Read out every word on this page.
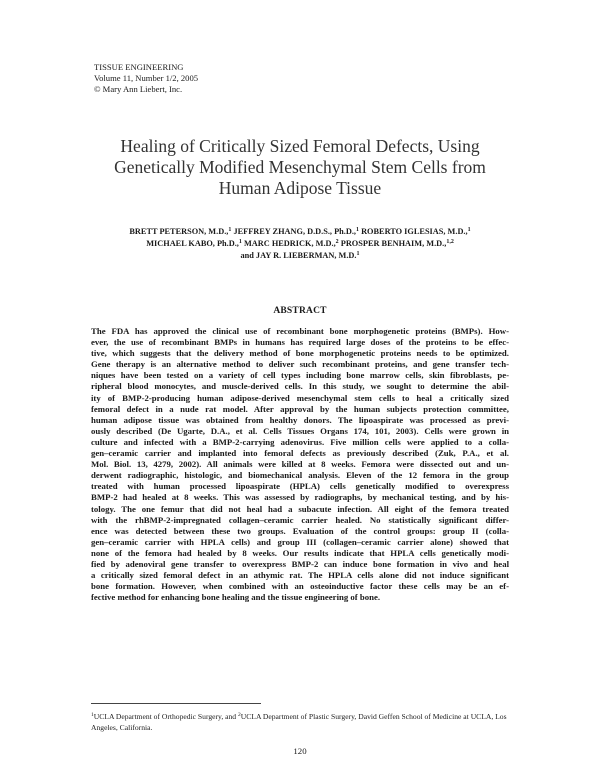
TISSUE ENGINEERING
Volume 11, Number 1/2, 2005
© Mary Ann Liebert, Inc.
Healing of Critically Sized Femoral Defects, Using
Genetically Modified Mesenchymal Stem Cells from
Human Adipose Tissue
BRETT PETERSON, M.D.,$^1$ JEFFREY ZHANG, D.D.S., Ph.D.,$^1$ ROBERTO IGLESIAS, M.D.,$^1$
MICHAEL KABO, Ph.D.,$^1$ MARC HEDRICK, M.D.,$^2$ PROSPER BENHAIM, M.D.,$^{1,2}$
and JAY R. LIEBERMAN, M.D.$^1$
ABSTRACT
The FDA has approved the clinical use of recombinant bone morphogenetic proteins (BMPs). How-
ever, the use of recombinant BMPs in humans has required large doses of the proteins to be effec-
tive, which suggests that the delivery method of bone morphogenetic proteins needs to be optimized.
Gene therapy is an alternative method to deliver such recombinant proteins, and gene transfer tech-
niques have been tested on a variety of cell types including bone marrow cells, skin fibroblasts, pe-
ripheral blood monocytes, and muscle-derived cells. In this study, we sought to determine the abil-
ity of BMP-2-producing human adipose-derived mesenchymal stem cells to heal a critically sized
femoral defect in a nude rat model. After approval by the human subjects protection committee,
human adipose tissue was obtained from healthy donors. The lipoaspirate was processed as previ-
ously described (De Ugarte, D.A., et al. Cells Tissues Organs 174, 101, 2003). Cells were grown in
culture and infected with a BMP-2-carrying adenovirus. Five million cells were applied to a colla-
gen–ceramic carrier and implanted into femoral defects as previously described (Zuk, P.A., et al.
Mol. Biol. 13, 4279, 2002). All animals were killed at 8 weeks. Femora were dissected out and un-
derwent radiographic, histologic, and biomechanical analysis. Eleven of the 12 femora in the group
treated with human processed lipoaspirate (HPLA) cells genetically modified to overexpress
BMP-2 had healed at 8 weeks. This was assessed by radiographs, by mechanical testing, and by his-
tology. The one femur that did not heal had a subacute infection. All eight of the femora treated
with the rhBMP-2-impregnated collagen–ceramic carrier healed. No statistically significant differ-
ence was detected between these two groups. Evaluation of the control groups: group II (colla-
gen–ceramic carrier with HPLA cells) and group III (collagen–ceramic carrier alone) showed that
none of the femora had healed by 8 weeks. Our results indicate that HPLA cells genetically modi-
fied by adenoviral gene transfer to overexpress BMP-2 can induce bone formation in vivo and heal
a critically sized femoral defect in an athymic rat. The HPLA cells alone did not induce significant
bone formation. However, when combined with an osteoinductive factor these cells may be an ef-
fective method for enhancing bone healing and the tissue engineering of bone.
$^1$UCLA Department of Orthopedic Surgery, and $^2$UCLA Department of Plastic Surgery, David Geffen School of Medicine at UCLA, Los Angeles, California.
120
